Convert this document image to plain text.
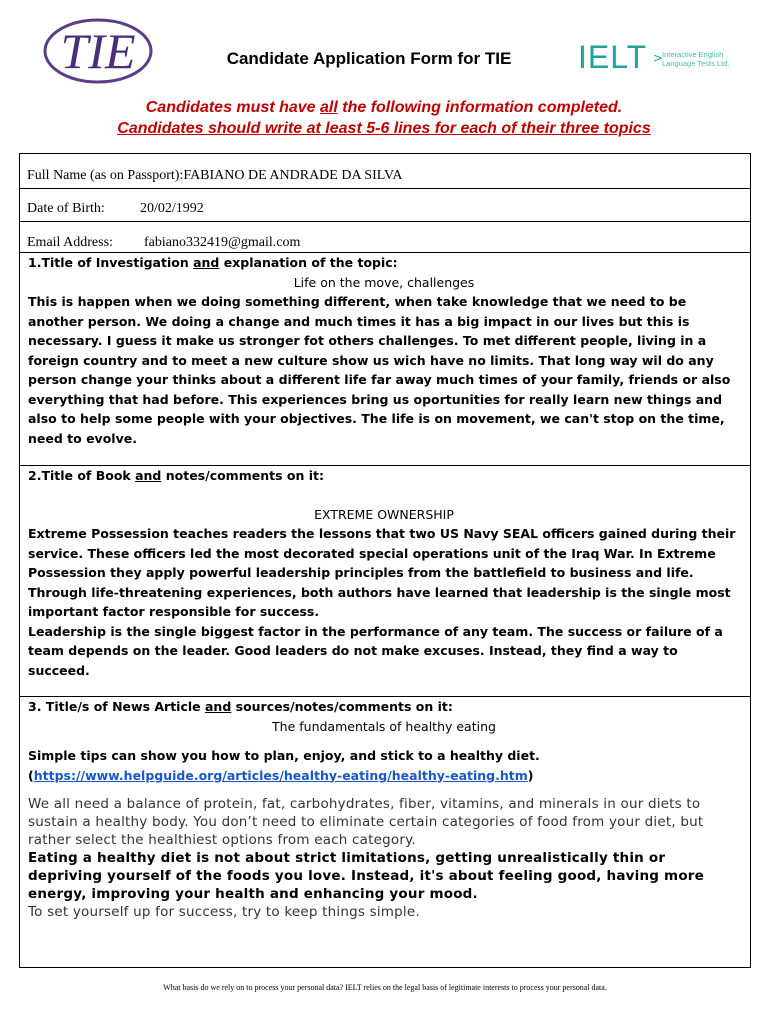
TIE	Candidate Application Form for TIE	IELT >
Interactive English Language Tests Ltd.
Candidates must have all the following information completed.
Candidates should write at least 5-6 lines for each of their three topics
Full Name (as on Passport):FABIANO DE ANDRADE DA SILVA
Date of Birth:	20/02/1992
Email Address: fabiano332419@gmail.com
1.Title of Investigation and explanation of the topic:
Life on the move, challenges
This is happen when we doing something different, when take knowledge that we need to be another person. We doing a change and much times it has a big impact in our lives but this is necessary. I guess it make us stronger fot others challenges. To met different people, living in a foreign country and to meet a new culture show us wich have no limits. That long way wil do any person change your thinks about a different life far away much times of your family, friends or also everything that had before. This experiences bring us oportunities for really learn new things and also to help some people with your objectives. The life is on movement, we can't stop on the time, need to evolve.
2.Title of Book and notes/comments on it:
EXTREME OWNERSHIP
Extreme Possession teaches readers the lessons that two US Navy SEAL officers gained during their service. These officers led the most decorated special operations unit of the Iraq War. In Extreme Possession they apply powerful leadership principles from the battlefield to business and life. Through life-threatening experiences, both authors have learned that leadership is the single most important factor responsible for success.
Leadership is the single biggest factor in the performance of any team. The success or failure of a team depends on the leader. Good leaders do not make excuses. Instead, they find a way to succeed.
3. Title/s of News Article and sources/notes/comments on it:
The fundamentals of healthy eating
Simple tips can show you how to plan, enjoy, and stick to a healthy diet.
(https://www.helpguide.org/articles/healthy-eating/healthy-eating.htm)
We all need a balance of protein, fat, carbohydrates, fiber, vitamins, and minerals in our diets to sustain a healthy body. You don’t need to eliminate certain categories of food from your diet, but rather select the healthiest options from each category.
Eating a healthy diet is not about strict limitations, getting unrealistically thin or depriving yourself of the foods you love. Instead, it's about feeling good, having more energy, improving your health and enhancing your mood.
To set yourself up for success, try to keep things simple.
What basis do we rely on to process your personal data? IELT relies on the legal basis of legitimate interests to process your personal data.
